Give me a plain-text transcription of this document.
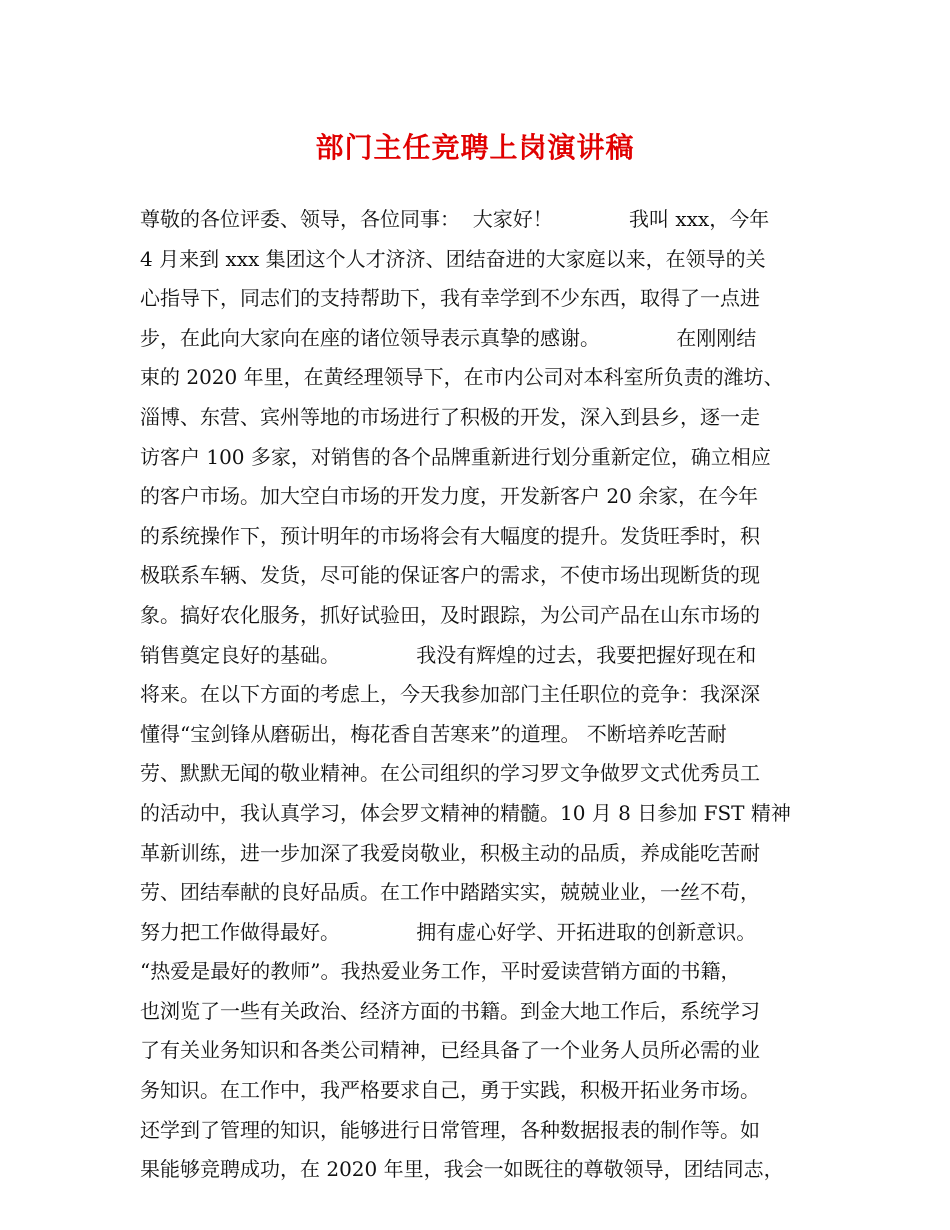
部门主任竞聘上岗演讲稿
尊敬的各位评委、领导，各位同事：  大家好！            我叫 xxx，今年
4 月来到 xxx 集团这个人才济济、团结奋进的大家庭以来，在领导的关
心指导下，同志们的支持帮助下，我有幸学到不少东西，取得了一点进
步，在此向大家向在座的诸位领导表示真挚的感谢。            在刚刚结
束的 2020 年里，在黄经理领导下，在市内公司对本科室所负责的潍坊、
淄博、东营、宾州等地的市场进行了积极的开发，深入到县乡，逐一走
访客户 100 多家，对销售的各个品牌重新进行划分重新定位，确立相应
的客户市场。加大空白市场的开发力度，开发新客户 20 余家，在今年
的系统操作下，预计明年的市场将会有大幅度的提升。发货旺季时，积
极联系车辆、发货，尽可能的保证客户的需求，不使市场出现断货的现
象。搞好农化服务，抓好试验田，及时跟踪，为公司产品在山东市场的
销售奠定良好的基础。            我没有辉煌的过去，我要把握好现在和
将来。在以下方面的考虑上，今天我参加部门主任职位的竞争：我深深
懂得“宝剑锋从磨砺出，梅花香自苦寒来”的道理。 不断培养吃苦耐
劳、默默无闻的敬业精神。在公司组织的学习罗文争做罗文式优秀员工
的活动中，我认真学习，体会罗文精神的精髓。10 月 8 日参加 FST 精神
革新训练，进一步加深了我爱岗敬业，积极主动的品质，养成能吃苦耐
劳、团结奉献的良好品质。在工作中踏踏实实，兢兢业业，一丝不苟，
努力把工作做得最好。            拥有虚心好学、开拓进取的创新意识。
“热爱是最好的教师”。我热爱业务工作，平时爱读营销方面的书籍，
也浏览了一些有关政治、经济方面的书籍。到金大地工作后，系统学习
了有关业务知识和各类公司精神，已经具备了一个业务人员所必需的业
务知识。在工作中，我严格要求自己，勇于实践，积极开拓业务市场。
还学到了管理的知识，能够进行日常管理，各种数据报表的制作等。如
果能够竞聘成功，在 2020 年里，我会一如既往的尊敬领导，团结同志，
